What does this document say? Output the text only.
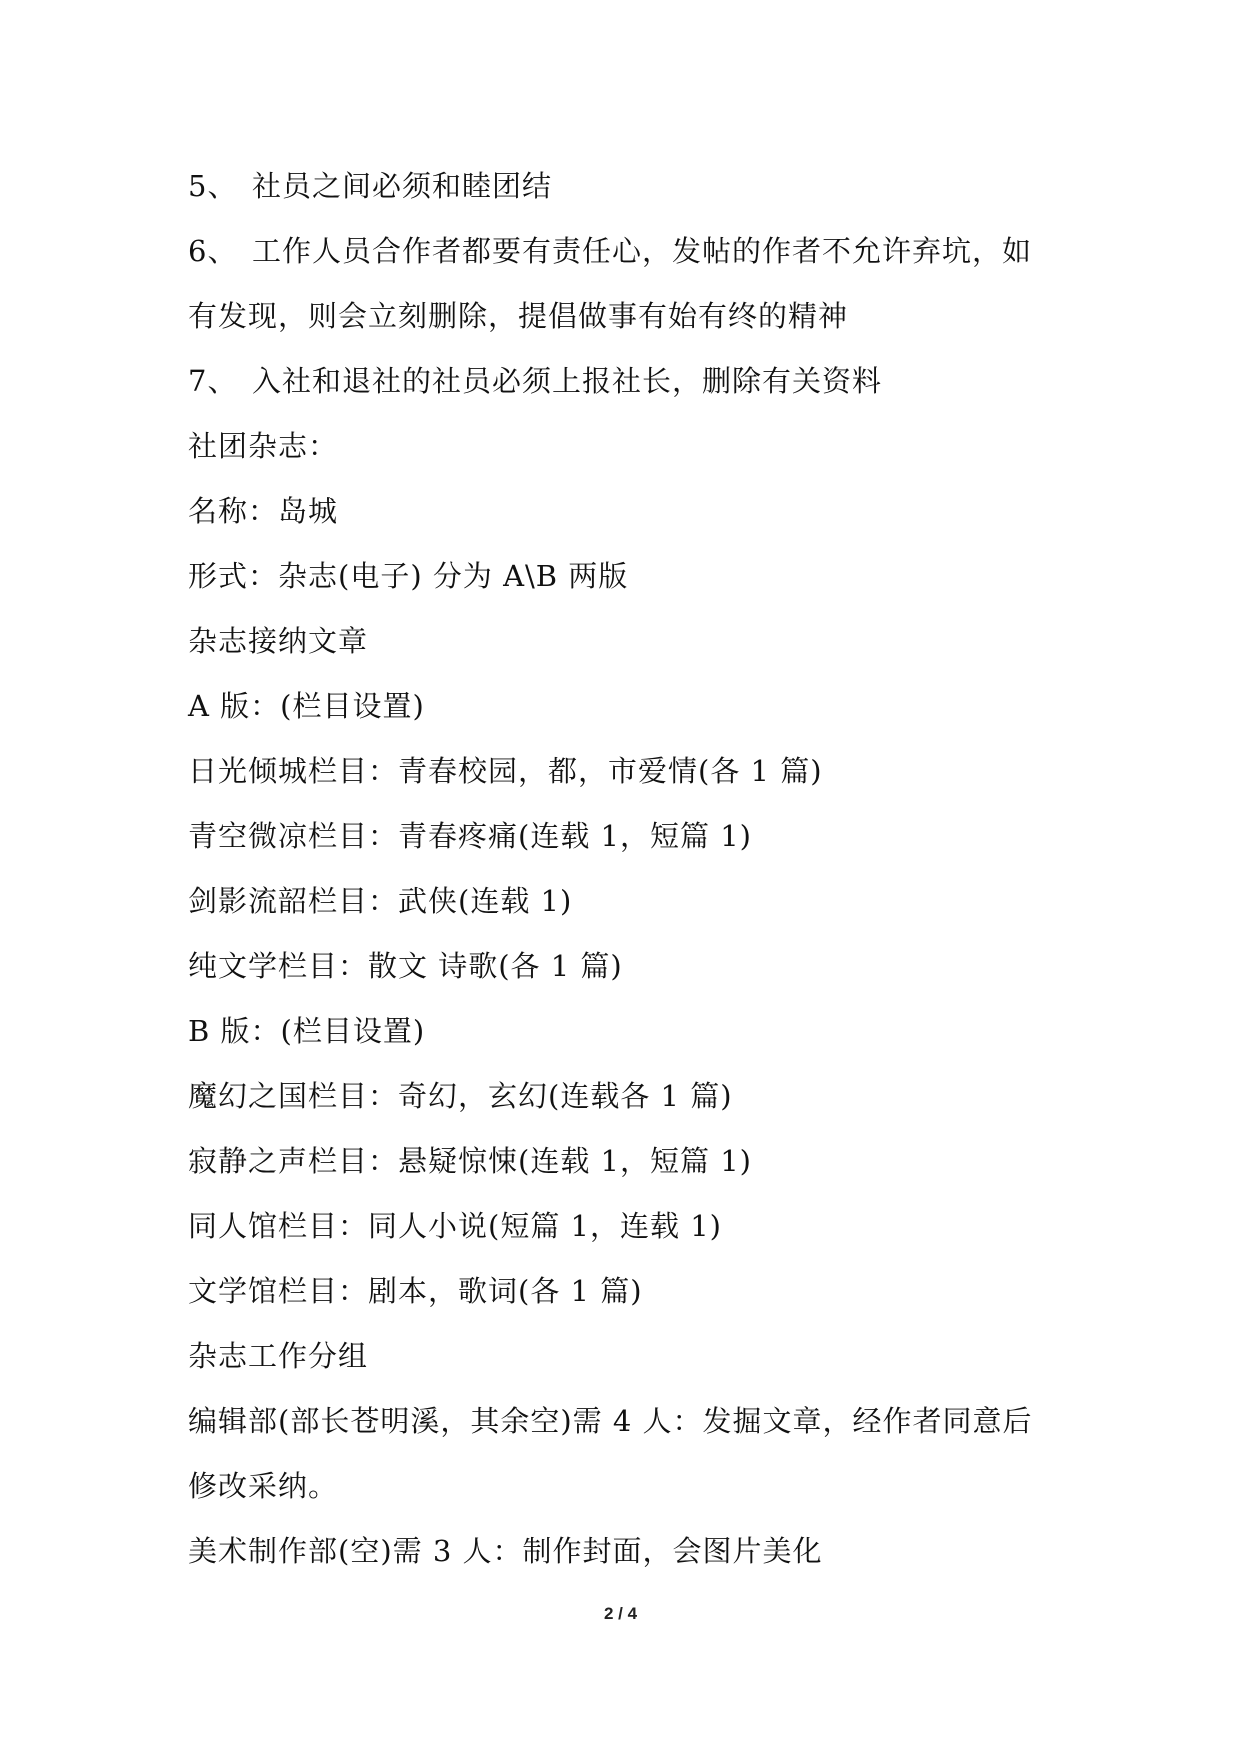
5、 社员之间必须和睦团结
6、 工作人员合作者都要有责任心，发帖的作者不允许弃坑，如
有发现，则会立刻删除，提倡做事有始有终的精神
7、 入社和退社的社员必须上报社长，删除有关资料
社团杂志：
名称：岛城
形式：杂志(电子) 分为 A\B 两版
杂志接纳文章
A 版：(栏目设置)
日光倾城栏目：青春校园，都，市爱情(各 1 篇)
青空微凉栏目：青春疼痛(连载 1，短篇 1)
剑影流韶栏目：武侠(连载 1)
纯文学栏目：散文 诗歌(各 1 篇)
B 版：(栏目设置)
魔幻之国栏目：奇幻，玄幻(连载各 1 篇)
寂静之声栏目：悬疑惊悚(连载 1，短篇 1)
同人馆栏目：同人小说(短篇 1，连载 1)
文学馆栏目：剧本，歌词(各 1 篇)
杂志工作分组
编辑部(部长苍明溪，其余空)需 4 人：发掘文章，经作者同意后
修改采纳。
美术制作部(空)需 3 人：制作封面，会图片美化
2 / 4
